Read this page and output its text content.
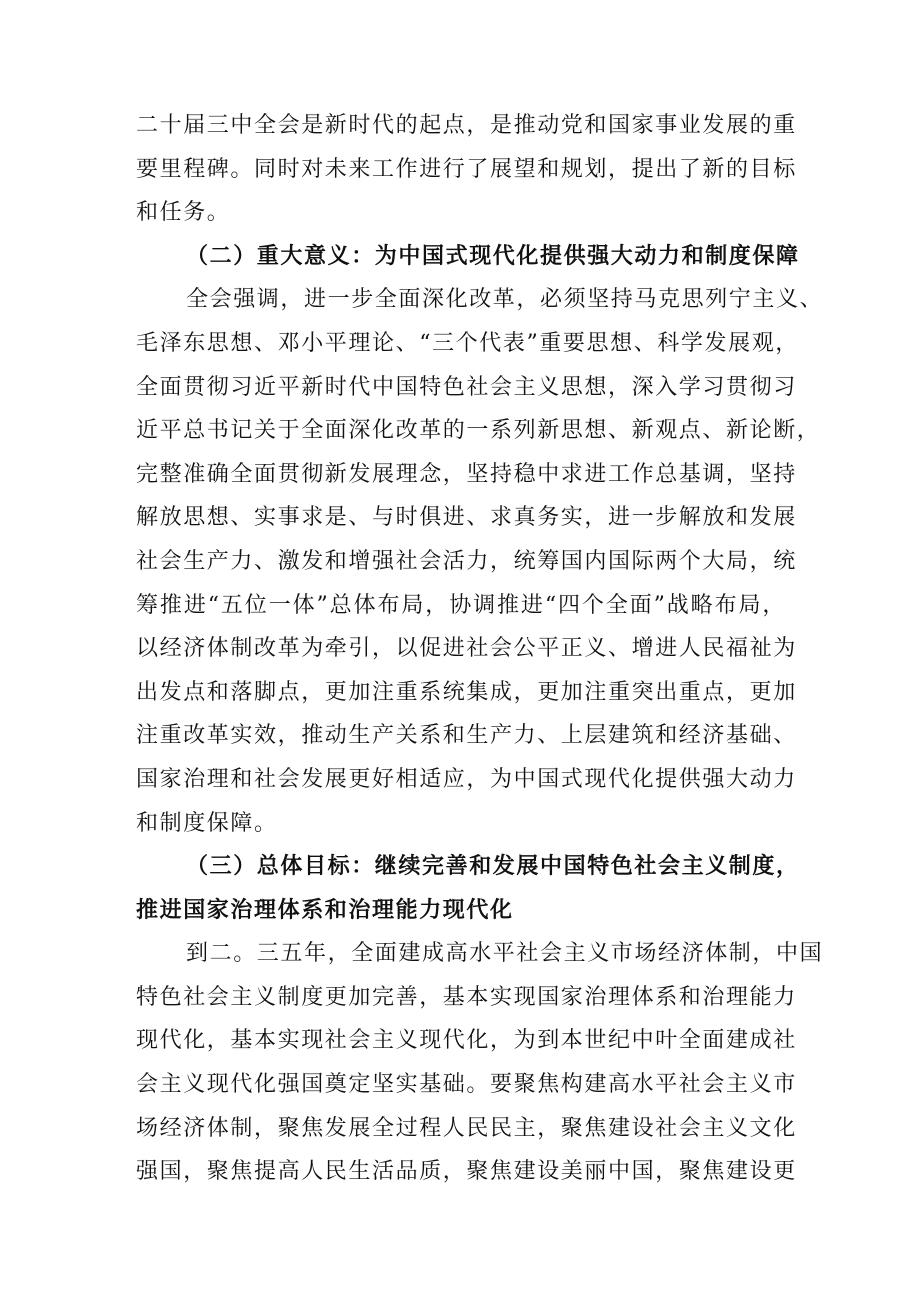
二十届三中全会是新时代的起点，是推动党和国家事业发展的重
要里程碑。同时对未来工作进行了展望和规划，提出了新的目标
和任务。
（二）重大意义：为中国式现代化提供强大动力和制度保障
全会强调，进一步全面深化改革，必须坚持马克思列宁主义、
毛泽东思想、邓小平理论、“三个代表”重要思想、科学发展观，
全面贯彻习近平新时代中国特色社会主义思想，深入学习贯彻习
近平总书记关于全面深化改革的一系列新思想、新观点、新论断，
完整准确全面贯彻新发展理念，坚持稳中求进工作总基调，坚持
解放思想、实事求是、与时俱进、求真务实，进一步解放和发展
社会生产力、激发和增强社会活力，统筹国内国际两个大局，统
筹推进“五位一体”总体布局，协调推进“四个全面”战略布局，
以经济体制改革为牵引，以促进社会公平正义、增进人民福祉为
出发点和落脚点，更加注重系统集成，更加注重突出重点，更加
注重改革实效，推动生产关系和生产力、上层建筑和经济基础、
国家治理和社会发展更好相适应，为中国式现代化提供强大动力
和制度保障。
（三）总体目标：继续完善和发展中国特色社会主义制度，
推进国家治理体系和治理能力现代化
到二。三五年，全面建成高水平社会主义市场经济体制，中国
特色社会主义制度更加完善，基本实现国家治理体系和治理能力
现代化，基本实现社会主义现代化，为到本世纪中叶全面建成社
会主义现代化强国奠定坚实基础。要聚焦构建高水平社会主义市
场经济体制，聚焦发展全过程人民民主，聚焦建设社会主义文化
强国，聚焦提高人民生活品质，聚焦建设美丽中国，聚焦建设更
